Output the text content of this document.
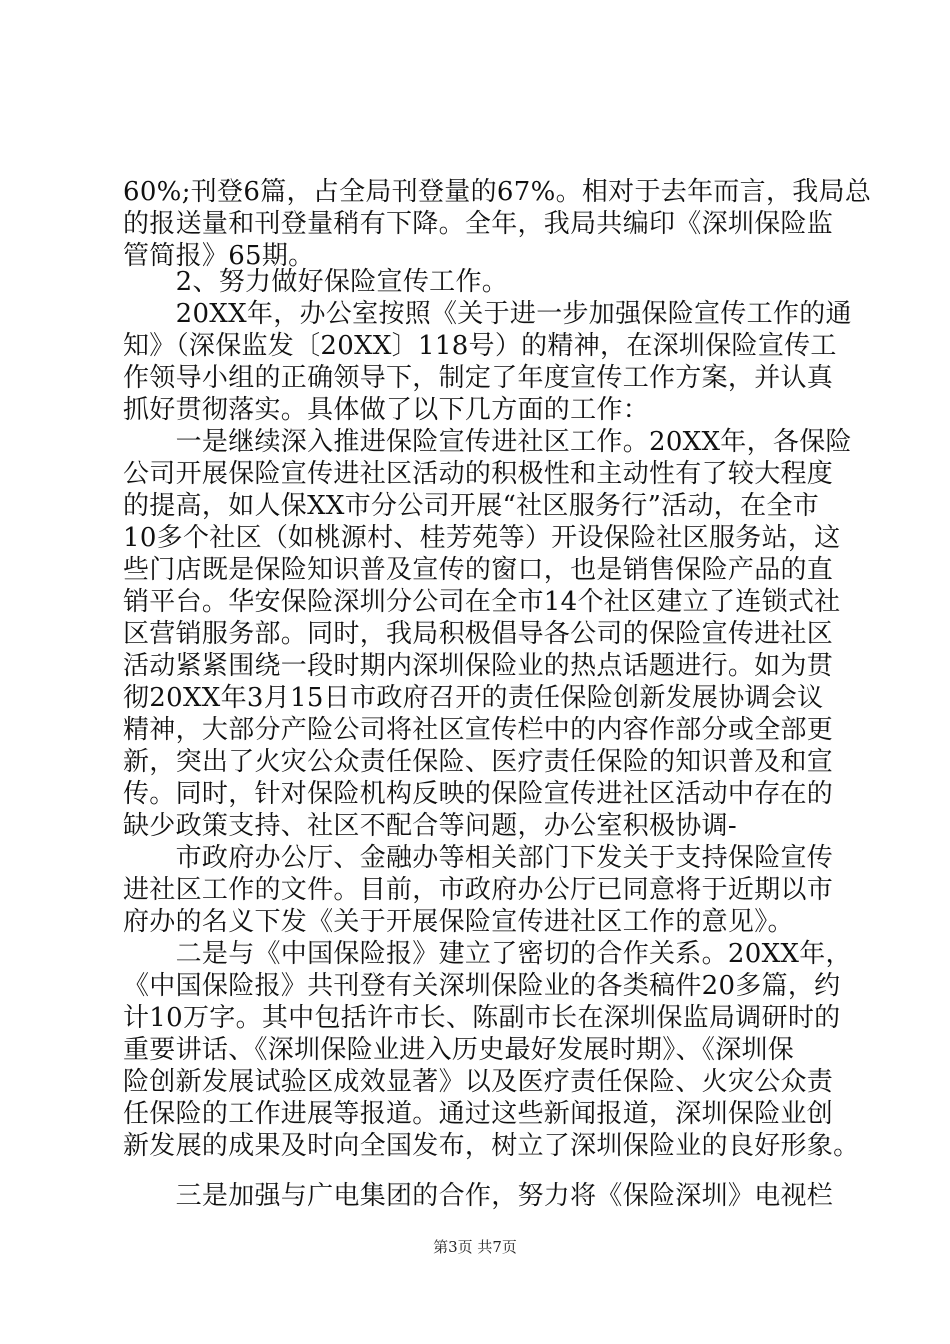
60%;刊登6篇，占全局刊登量的67%。相对于去年而言，我局总
的报送量和刊登量稍有下降。全年，我局共编印《深圳保险监
管简报》65期。
　　2、努力做好保险宣传工作。
　　20XX年，办公室按照《关于进一步加强保险宣传工作的通
知》（深保监发〔20XX〕118号）的精神，在深圳保险宣传工
作领导小组的正确领导下，制定了年度宣传工作方案，并认真
抓好贯彻落实。具体做了以下几方面的工作：
　　一是继续深入推进保险宣传进社区工作。20XX年，各保险
公司开展保险宣传进社区活动的积极性和主动性有了较大程度
的提高，如人保XX市分公司开展“社区服务行”活动，在全市
10多个社区（如桃源村、桂芳苑等）开设保险社区服务站，这
些门店既是保险知识普及宣传的窗口，也是销售保险产品的直
销平台。华安保险深圳分公司在全市14个社区建立了连锁式社
区营销服务部。同时，我局积极倡导各公司的保险宣传进社区
活动紧紧围绕一段时期内深圳保险业的热点话题进行。如为贯
彻20XX年3月15日市政府召开的责任保险创新发展协调会议
精神，大部分产险公司将社区宣传栏中的内容作部分或全部更
新，突出了火灾公众责任保险、医疗责任保险的知识普及和宣
传。同时，针对保险机构反映的保险宣传进社区活动中存在的
缺少政策支持、社区不配合等问题，办公室积极协调-
　　市政府办公厅、金融办等相关部门下发关于支持保险宣传
进社区工作的文件。目前，市政府办公厅已同意将于近期以市
府办的名义下发《关于开展保险宣传进社区工作的意见》。
　　二是与《中国保险报》建立了密切的合作关系。20XX年，
《中国保险报》共刊登有关深圳保险业的各类稿件20多篇，约
计10万字。其中包括许市长、陈副市长在深圳保监局调研时的
重要讲话、《深圳保险业进入历史最好发展时期》、《深圳保
险创新发展试验区成效显著》以及医疗责任保险、火灾公众责
任保险的工作进展等报道。通过这些新闻报道，深圳保险业创
新发展的成果及时向全国发布，树立了深圳保险业的良好形象。
　　三是加强与广电集团的合作，努力将《保险深圳》电视栏
第3页 共7页
